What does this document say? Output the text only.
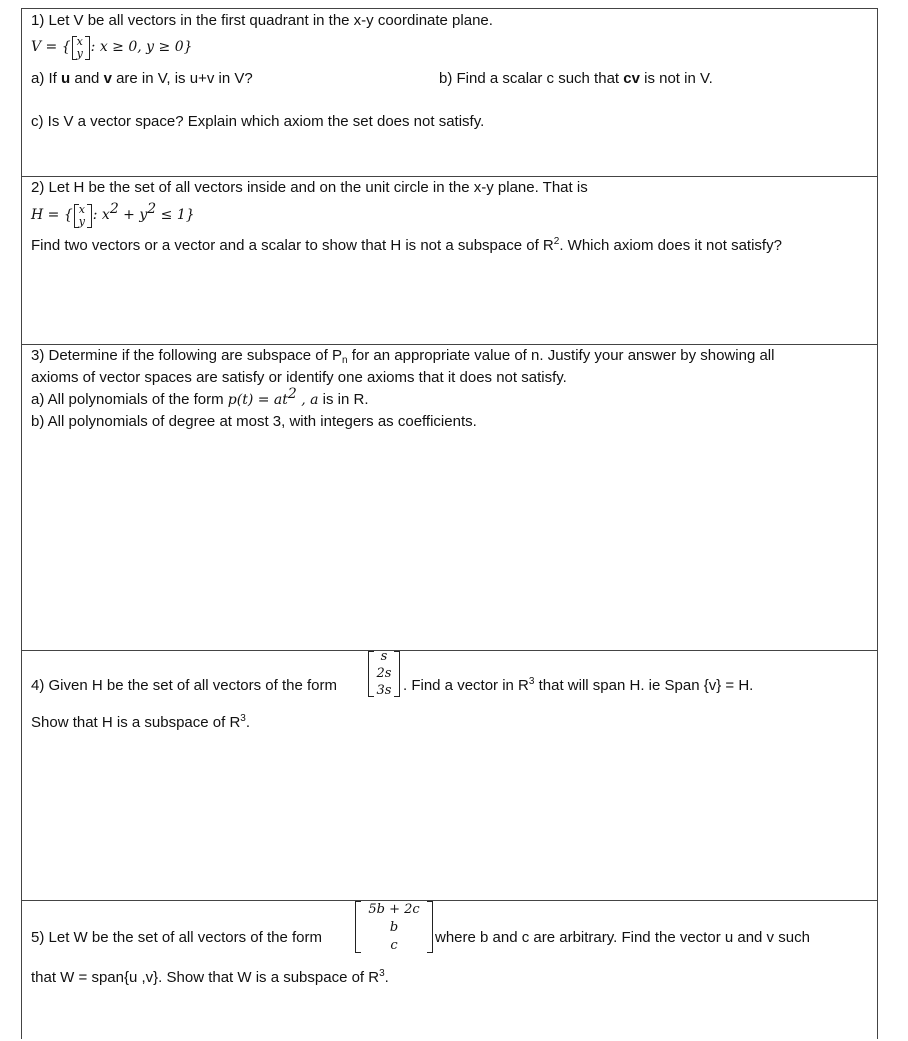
1) Let V be all vectors in the first quadrant in the x-y coordinate plane.
V = { x
y : x ≥ 0, y ≥ 0}
a) If u and v are in V, is u+v in V?	b) Find a scalar c such that cv is not in V.
c) Is V a vector space? Explain which axiom the set does not satisfy.
2) Let H be the set of all vectors inside and on the unit circle in the x-y plane. That is
H = { x
y : $x^2 + y^2 \le 1$}
Find two vectors or a vector and a scalar to show that H is not a subspace of $R^2$. Which axiom does it not satisfy?
3) Determine if the following are subspace of $P_n$ for an appropriate value of n. Justify your answer by showing all
axioms of vector spaces are satisfy or identify one axioms that it does not satisfy.
a) All polynomials of the form $p(t) = at^2$ , a is in R.
b) All polynomials of degree at most 3, with integers as coefficients.
s
2s
3s
4) Given H be the set of all vectors of the form	. Find a vector in $R^3$ that will span H. ie Span {v} = H.
Show that H is a subspace of $R^3$.
5b + 2c
b
c
5) Let W be the set of all vectors of the form	where b and c are arbitrary. Find the vector u and v such
that W = span{u ,v}. Show that W is a subspace of $R^3$.
